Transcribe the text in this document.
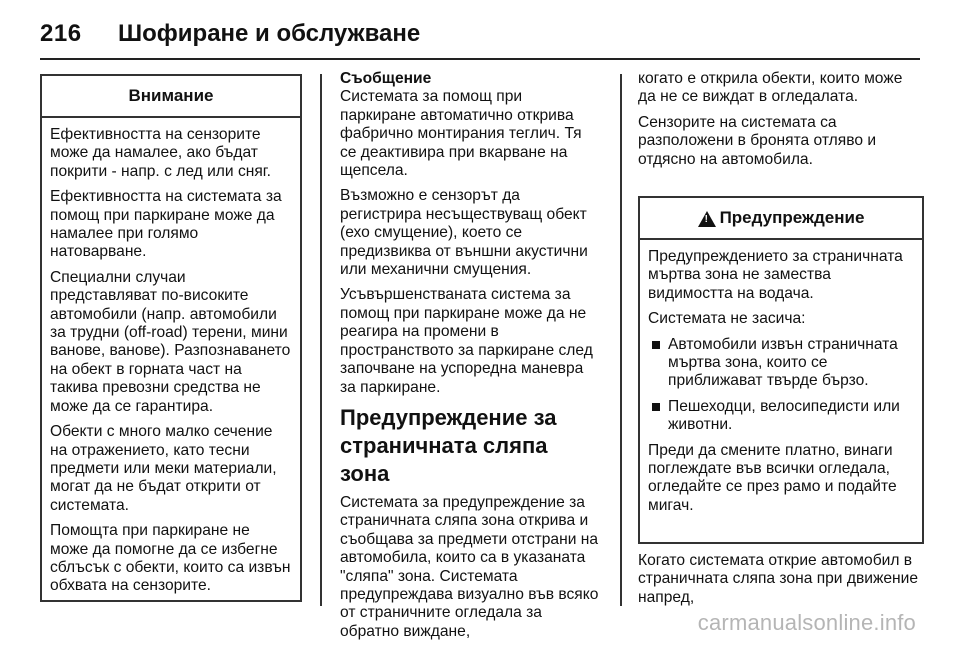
216 Шофиране и обслужване
Внимание

Ефективността на сензорите може да намалее, ако бъдат покрити - напр. с лед или сняг.

Ефективността на системата за помощ при паркиране може да намалее при голямо натоварване.

Специални случаи представляват по-високите автомобили (напр. автомобили за трудни (off-road) терени, мини ванове, ванове). Разпознаването на обект в горната част на такива превозни средства не може да се гарантира.

Обекти с много малко сечение на отражението, като тесни предмети или меки материали, могат да не бъдат открити от системата.

Помощта при паркиране не може да помогне да се избегне сблъсък с обекти, които са извън обхвата на сензорите.

Съобщение

Системата за помощ при паркиране автоматично открива фабрично монтирания теглич. Тя се деактивира при вкарване на щепсела.

Възможно е сензорът да регистрира несъществуващ обект (ехо смущение), което се предизвиква от външни акустични или механични смущения.

Усъвършенстваната система за помощ при паркиране може да не реагира на промени в пространството за паркиране след започване на успоредна маневра за паркиране.

Предупреждение за страничната сляпа зона

Системата за предупреждение за страничната сляпа зона открива и съобщава за предмети отстрани на автомобила, които са в указаната "сляпа" зона. Системата предупреждава визуално във всяко от страничните огледала за обратно виждане,

когато е открила обекти, които може да не се виждат в огледалата.

Сензорите на системата са разположени в бронята отляво и отдясно на автомобила.

! Предупреждение

Предупреждението за страничната мъртва зона не замества видимостта на водача.

Системата не засича:

Автомобили извън страничната мъртва зона, които се приближават твърде бързо.
Пешеходци, велосипедисти или животни.

Преди да смените платно, винаги поглеждате във всички огледала, огледайте се през рамо и подайте мигач.

Когато системата открие автомобил в страничната сляпа зона при движение напред,

carmanualsonline.info
